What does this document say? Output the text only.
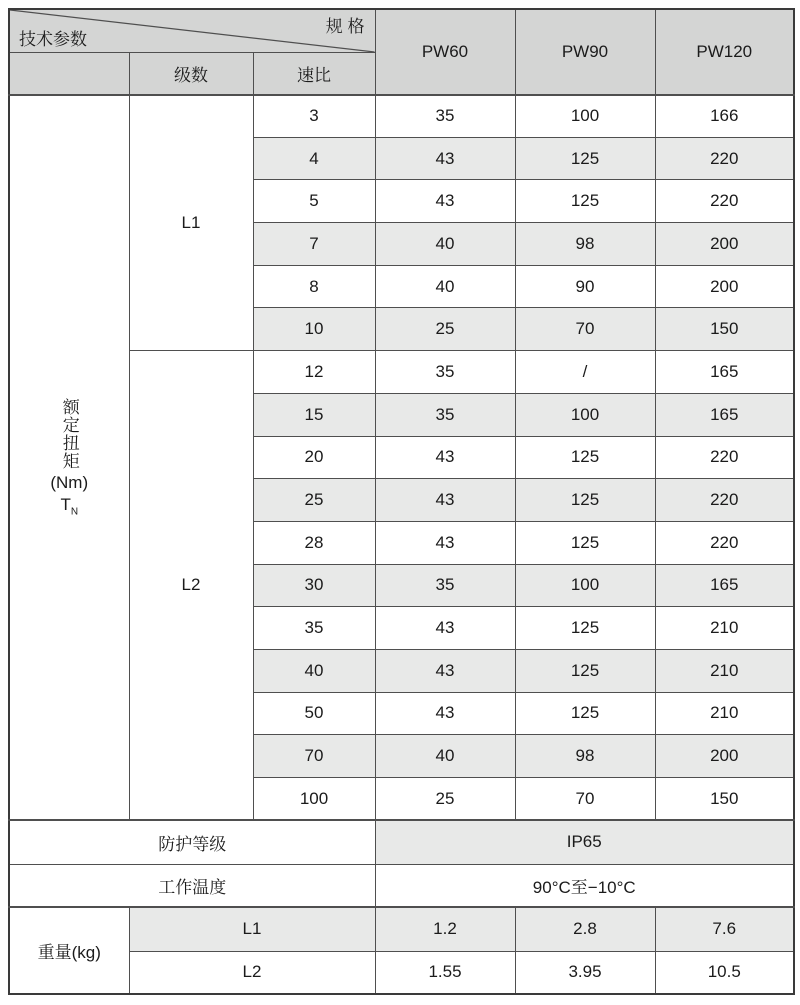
规 格
技术参数			PW60	PW90	PW120
	级数	速比			

额定扭矩
(Nm)
$T_N$	L1	3	35	100	166
		4	43	125	220
		5	43	125	220
		7	40	98	200
		8	40	90	200
		10	25	70	150
	L2	12	35	/	165
		15	35	100	165
		20	43	125	220
		25	43	125	220
		28	43	125	220
		30	35	100	165
		35	43	125	210
		40	43	125	210
		50	43	125	210
		70	40	98	200
		100	25	70	150
防护等级			IP65		
工作温度			90°C至−10°C		
重量(kg)	L1		1.2	2.8	7.6
	L2		1.55	3.95	10.5
